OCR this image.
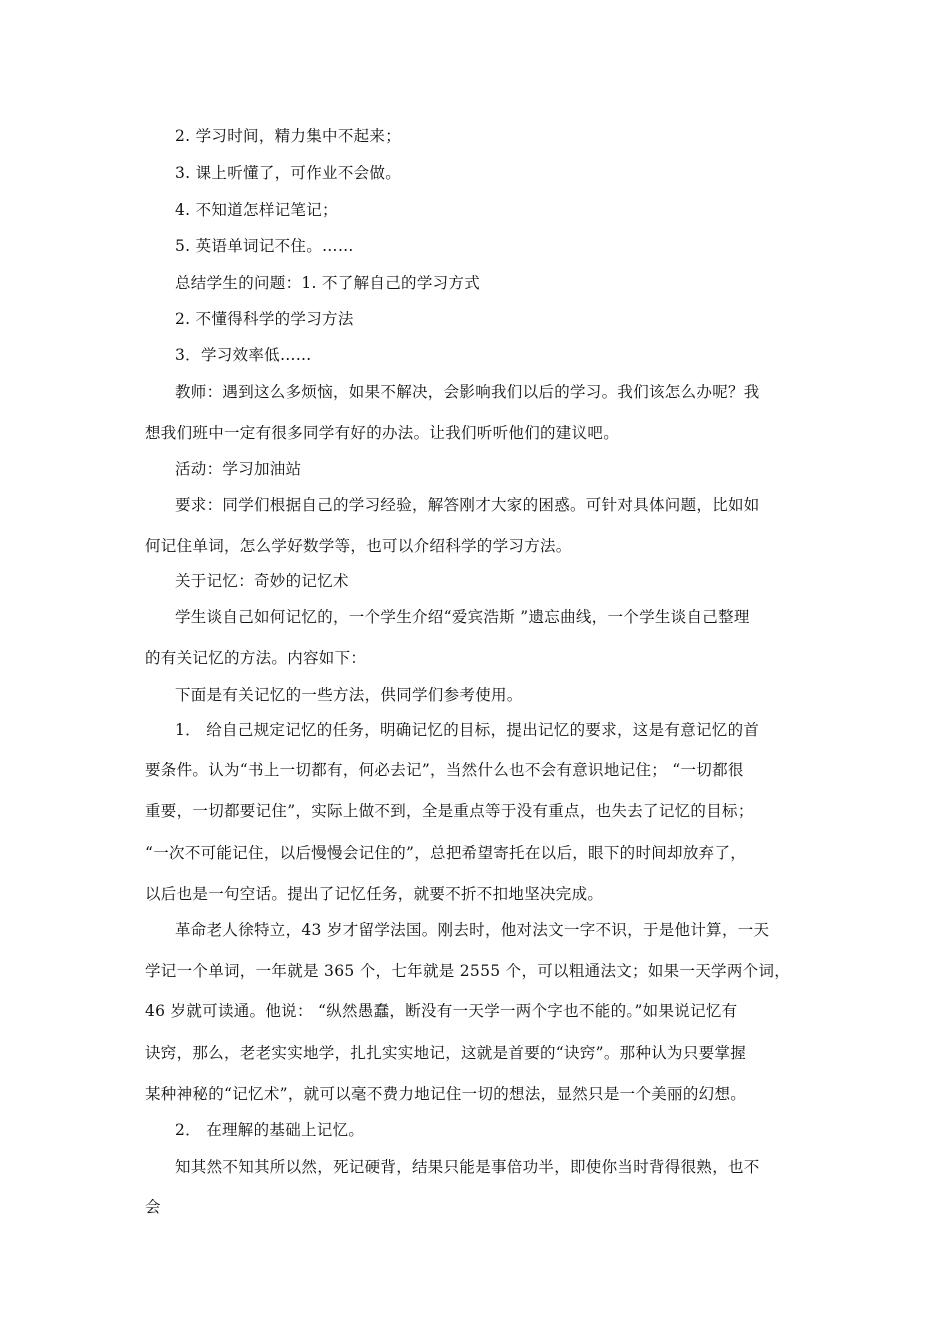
2. 学习时间，精力集中不起来；
3. 课上听懂了，可作业不会做。
4. 不知道怎样记笔记；
5. 英语单词记不住。……
总结学生的问题：1. 不了解自己的学习方式
2. 不懂得科学的学习方法
3．学习效率低……
教师：遇到这么多烦恼，如果不解决，会影响我们以后的学习。我们该怎么办呢？我
想我们班中一定有很多同学有好的办法。让我们听听他们的建议吧。
活动：学习加油站
要求：同学们根据自己的学习经验，解答刚才大家的困惑。可针对具体问题，比如如
何记住单词，怎么学好数学等，也可以介绍科学的学习方法。
关于记忆：奇妙的记忆术
学生谈自己如何记忆的，一个学生介绍“爱宾浩斯 ”遗忘曲线，一个学生谈自己整理
的有关记忆的方法。内容如下：
下面是有关记忆的一些方法，供同学们参考使用。
1． 给自己规定记忆的任务，明确记忆的目标，提出记忆的要求，这是有意记忆的首
要条件。认为“书上一切都有，何必去记”，当然什么也不会有意识地记住； “一切都很
重要，一切都要记住”，实际上做不到，全是重点等于没有重点，也失去了记忆的目标；
“一次不可能记住，以后慢慢会记住的”，总把希望寄托在以后，眼下的时间却放弃了，
以后也是一句空话。提出了记忆任务，就要不折不扣地坚决完成。
革命老人徐特立，43 岁才留学法国。刚去时，他对法文一字不识，于是他计算，一天
学记一个单词，一年就是 365 个，七年就是 2555 个，可以粗通法文；如果一天学两个词，
46 岁就可读通。他说： “纵然愚蠢，断没有一天学一两个字也不能的。”如果说记忆有
诀窍，那么，老老实实地学，扎扎实实地记，这就是首要的“诀窍”。那种认为只要掌握
某种神秘的“记忆术”，就可以毫不费力地记住一切的想法，显然只是一个美丽的幻想。
2． 在理解的基础上记忆。
知其然不知其所以然，死记硬背，结果只能是事倍功半，即使你当时背得很熟，也不
会
